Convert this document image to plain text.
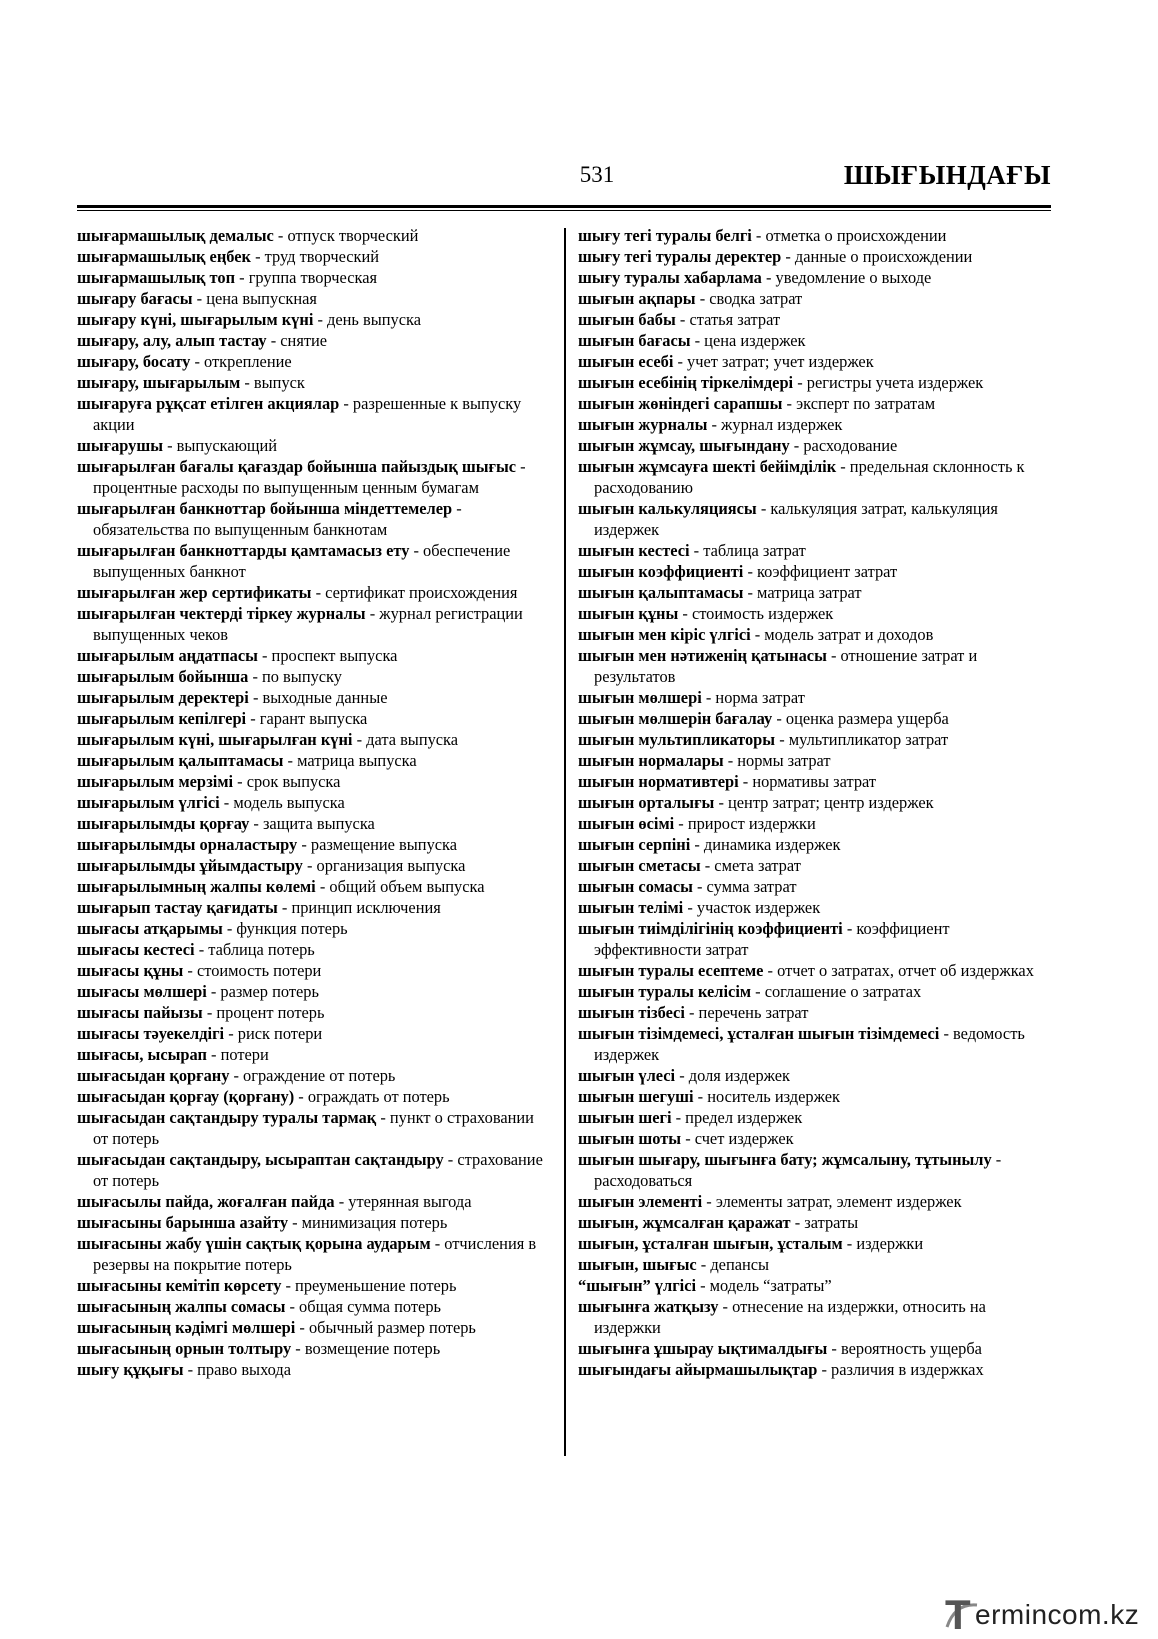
531	ШЫҒЫНДАҒЫ
шығармашылық демалыс - отпуск творческий
шығармашылық еңбек - труд творческий
шығармашылық топ - группа творческая
шығару бағасы - цена выпускная
шығару күні, шығарылым күні - день выпуска
шығару, алу, алып тастау - снятие
шығару, босату - открепление
шығару, шығарылым - выпуск
шығаруға рұқсат етілген акциялар - разрешенные к выпуску акции
шығарушы - выпускающий
шығарылған бағалы қағаздар бойынша пайыздық шығыс - процентные расходы по выпущенным ценным бумагам
шығарылған банкноттар бойынша міндеттемелер - обязательства по выпущенным банкнотам
шығарылған банкноттарды қамтамасыз ету - обеспечение выпущенных банкнот
шығарылған жер сертификаты - сертификат происхождения
шығарылған чектерді тіркеу журналы - журнал регистрации выпущенных чеков
шығарылым аңдатпасы - проспект выпуска
шығарылым бойынша - по выпуску
шығарылым деректері - выходные данные
шығарылым кепілгері - гарант выпуска
шығарылым күні, шығарылған күні - дата выпуска
шығарылым қалыптамасы - матрица выпуска
шығарылым мерзімі - срок выпуска
шығарылым үлгісі - модель выпуска
шығарылымды қорғау - защита выпуска
шығарылымды орналастыру - размещение выпуска
шығарылымды ұйымдастыру - организация выпуска
шығарылымның жалпы көлемі - общий объем выпуска
шығарып тастау қағидаты - принцип исключения
шығасы атқарымы - функция потерь
шығасы кестесі - таблица потерь
шығасы құны - стоимость потери
шығасы мөлшері - размер потерь
шығасы пайызы - процент потерь
шығасы тәуекелдігі - риск потери
шығасы, ысырап - потери
шығасыдан қорғану - ограждение от потерь
шығасыдан қорғау (қорғану) - ограждать от потерь
шығасыдан сақтандыру туралы тармақ - пункт о страховании от потерь
шығасыдан сақтандыру, ысыраптан сақтандыру - страхование от потерь
шығасылы пайда, жоғалған пайда - утерянная выгода
шығасыны барынша азайту - минимизация потерь
шығасыны жабу үшін сақтық қорына аударым - отчисления в резервы на покрытие потерь
шығасыны кемітіп көрсету - преуменьшение потерь
шығасының жалпы сомасы - общая сумма потерь
шығасының кәдімгі мөлшері - обычный размер потерь
шығасының орнын толтыру - возмещение потерь
шығу құқығы - право выхода
шығу тегі туралы белгі - отметка о происхождении
шығу тегі туралы деректер - данные о происхождении
шығу туралы хабарлама - уведомление о выходе
шығын ақпары - сводка затрат
шығын бабы - статья затрат
шығын бағасы - цена издержек
шығын есебі - учет затрат; учет издержек
шығын есебінің тіркелімдері - регистры учета издержек
шығын жөніндегі сарапшы - эксперт по затратам
шығын журналы - журнал издержек
шығын жұмсау, шығындану - расходование
шығын жұмсауға шекті бейімділік - предельная склонность к расходованию
шығын калькуляциясы - калькуляция затрат, калькуляция издержек
шығын кестесі - таблица затрат
шығын коэффициенті - коэффициент затрат
шығын қалыптамасы - матрица затрат
шығын құны - стоимость издержек
шығын мен кіріс үлгісі - модель затрат и доходов
шығын мен нәтиженің қатынасы - отношение затрат и результатов
шығын мөлшері - норма затрат
шығын мөлшерін бағалау - оценка размера ущерба
шығын мультипликаторы - мультипликатор затрат
шығын нормалары - нормы затрат
шығын нормативтері - нормативы затрат
шығын орталығы - центр затрат; центр издержек
шығын өсімі - прирост издержки
шығын серпіні - динамика издержек
шығын сметасы - смета затрат
шығын сомасы - сумма затрат
шығын телімі - участок издержек
шығын тиімділігінің коэффициенті - коэффициент эффективности затрат
шығын туралы есептеме - отчет о затратах, отчет об издержках
шығын туралы келісім - соглашение о затратах
шығын тізбесі - перечень затрат
шығын тізімдемесі, ұсталған шығын тізімдемесі - ведомость издержек
шығын үлесі - доля издержек
шығын шегуші - носитель издержек
шығын шегі - предел издержек
шығын шоты - счет издержек
шығын шығару, шығынға бату; жұмсалыну, тұтынылу - расходоваться
шығын элементі - элементы затрат, элемент издержек
шығын, жұмсалған қаражат - затраты
шығын, ұсталған шығын, ұсталым - издержки
шығын, шығыс - депансы
“шығын” үлгісі - модель “затраты”
шығынға жатқызу - отнесение на издержки, относить на издержки
шығынға ұшырау ықтималдығы - вероятность ущерба
шығындағы айырмашылықтар - различия в издержках
T ermincom.kz
